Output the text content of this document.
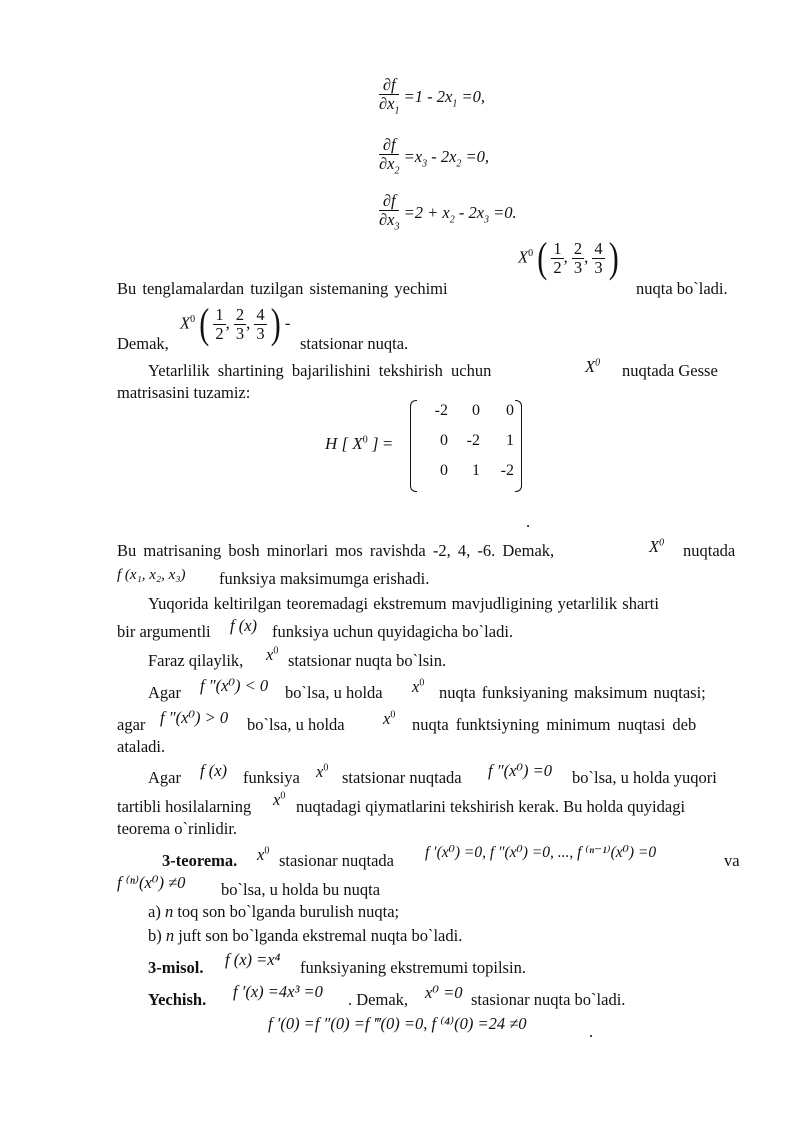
$\frac{\partial f}{\partial x_1} =1 - 2x_1 =0$,
$\frac{\partial f}{\partial x_2} =x_3 - 2x_2 =0$,
$\frac{\partial f}{\partial x_3} =2 + x_2 - 2x_3 =0$.
$X^0$ ( $\frac{1}{2}$ , $\frac{2}{3}$ , $\frac{4}{3}$ )
Bu tenglamalardan tuzilgan sistemaning yechimi	nuqta bo`ladi.
$X^0$ ( $\frac{1}{2}$ , $\frac{2}{3}$ , $\frac{4}{3}$ ) -
Demak,	statsionar nuqta.
Yetarlilik shartining bajarilishini tekshirish uchun	$X^0$ nuqtada Gesse
matrisasini tuzamiz:
H [ $X^0$ ] =
-2	0	0
0	-2	1
0	1	-2
.
Bu matrisaning bosh minorlari mos ravishda -2, 4, -6. Demak,	$X^0$ nuqtada
f (x₁, x₂, x₃) funksiya maksimumga erishadi.
Yuqorida keltirilgan teoremadagi ekstremum mavjudligining yetarlilik sharti
bir argumentli f (x) funksiya uchun quyidagicha bo`ladi.
Faraz qilaylik, $x^0$ statsionar nuqta bo`lsin.
Agar f ″(x⁰) < 0 bo`lsa, u holda $x^0$ nuqta funksiyaning maksimum nuqtasi;
agar f ″(x⁰) > 0 bo`lsa, u holda $x^0$ nuqta funktsiyning minimum nuqtasi deb
ataladi.
Agar f (x) funksiya $x^0$ statsionar nuqtada f ″(x⁰) =0 bo`lsa, u holda yuqori
tartibli hosilalarning $x^0$
nuqtadagi qiymatlarini tekshirish kerak. Bu holda quyidagi
teorema o`rinlidir.
3-teorema. $x^0$ stasionar nuqtada f ′(x⁰) =0, f ″(x⁰) =0, ..., f ⁽ⁿ⁻¹⁾(x⁰) =0	va
f ⁽ⁿ⁾(x⁰) ≠0 bo`lsa, u holda bu nuqta
a) n toq son bo`lganda burulish nuqta;
b) n juft son bo`lganda ekstremal nuqta bo`ladi.
3-misol. f (x) =x⁴ funksiyaning ekstremumi topilsin.
Yechish. f ′(x) =4x³ =0 . Demak, x⁰ =0 stasionar nuqta bo`ladi.
f ′(0) =f ″(0) =f ‴(0) =0, f ⁽⁴⁾(0) =24 ≠0	.
